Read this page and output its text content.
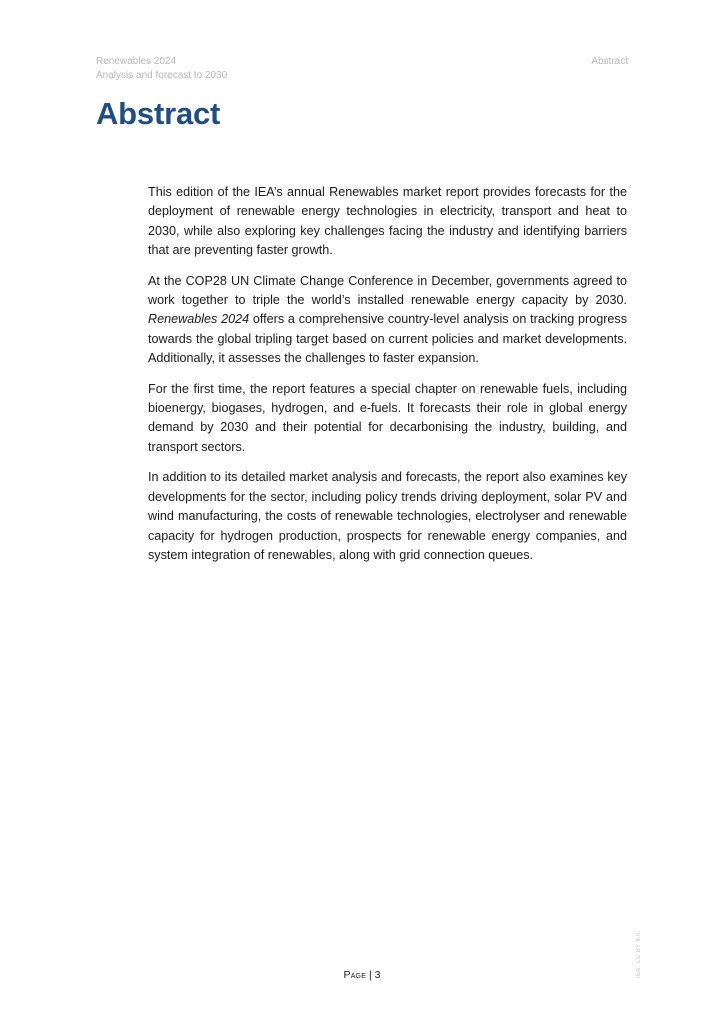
Renewables 2024
Analysis and forecast to 2030
Abstract
Abstract

This edition of the IEA’s annual Renewables market report provides forecasts for the deployment of renewable energy technologies in electricity, transport and heat to 2030, while also exploring key challenges facing the industry and identifying barriers that are preventing faster growth.

At the COP28 UN Climate Change Conference in December, governments agreed to work together to triple the world’s installed renewable energy capacity by 2030. Renewables 2024 offers a comprehensive country-level analysis on tracking progress towards the global tripling target based on current policies and market developments. Additionally, it assesses the challenges to faster expansion.

For the first time, the report features a special chapter on renewable fuels, including bioenergy, biogases, hydrogen, and e-fuels. It forecasts their role in global energy demand by 2030 and their potential for decarbonising the industry, building, and transport sectors.

In addition to its detailed market analysis and forecasts, the report also examines key developments for the sector, including policy trends driving deployment, solar PV and wind manufacturing, the costs of renewable technologies, electrolyser and renewable capacity for hydrogen production, prospects for renewable energy companies, and system integration of renewables, along with grid connection queues.

Page | 3	IEA. CC BY 4.0.
